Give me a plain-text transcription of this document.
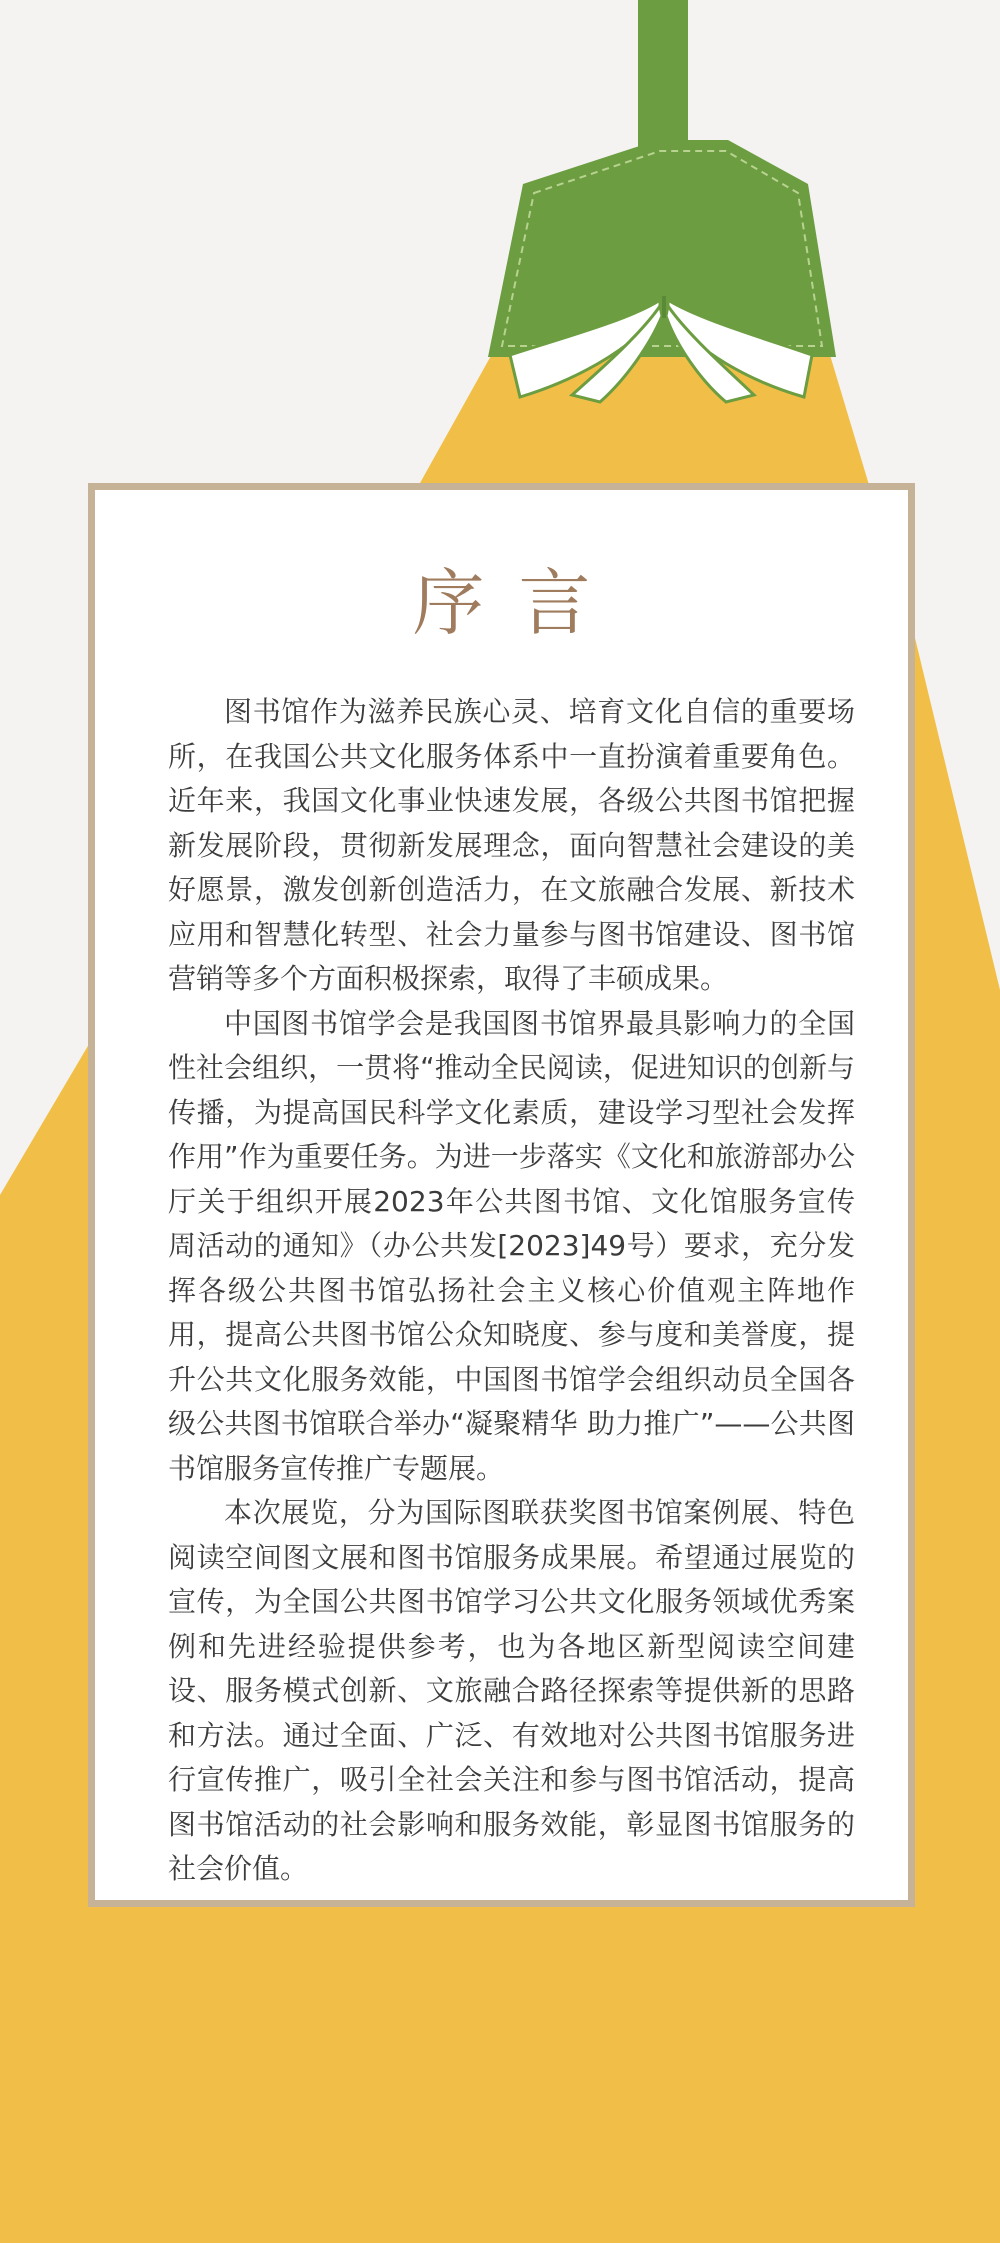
序言

图书馆作为滋养民族心灵、培育文化自信的重要场所，在我国公共文化服务体系中一直扮演着重要角色。近年来，我国文化事业快速发展，各级公共图书馆把握新发展阶段，贯彻新发展理念，面向智慧社会建设的美好愿景，激发创新创造活力，在文旅融合发展、新技术应用和智慧化转型、社会力量参与图书馆建设、图书馆营销等多个方面积极探索，取得了丰硕成果。

中国图书馆学会是我国图书馆界最具影响力的全国性社会组织，一贯将“推动全民阅读，促进知识的创新与传播，为提高国民科学文化素质，建设学习型社会发挥作用”作为重要任务。为进一步落实《文化和旅游部办公厅关于组织开展2023年公共图书馆、文化馆服务宣传周活动的通知》（办公共发[2023]49号）要求，充分发挥各级公共图书馆弘扬社会主义核心价值观主阵地作用，提高公共图书馆公众知晓度、参与度和美誉度，提升公共文化服务效能，中国图书馆学会组织动员全国各级公共图书馆联合举办“凝聚精华 助力推广”——公共图书馆服务宣传推广专题展。

本次展览，分为国际图联获奖图书馆案例展、特色阅读空间图文展和图书馆服务成果展。希望通过展览的宣传，为全国公共图书馆学习公共文化服务领域优秀案例和先进经验提供参考，也为各地区新型阅读空间建设、服务模式创新、文旅融合路径探索等提供新的思路和方法。通过全面、广泛、有效地对公共图书馆服务进行宣传推广，吸引全社会关注和参与图书馆活动，提高图书馆活动的社会影响和服务效能，彰显图书馆服务的社会价值。
